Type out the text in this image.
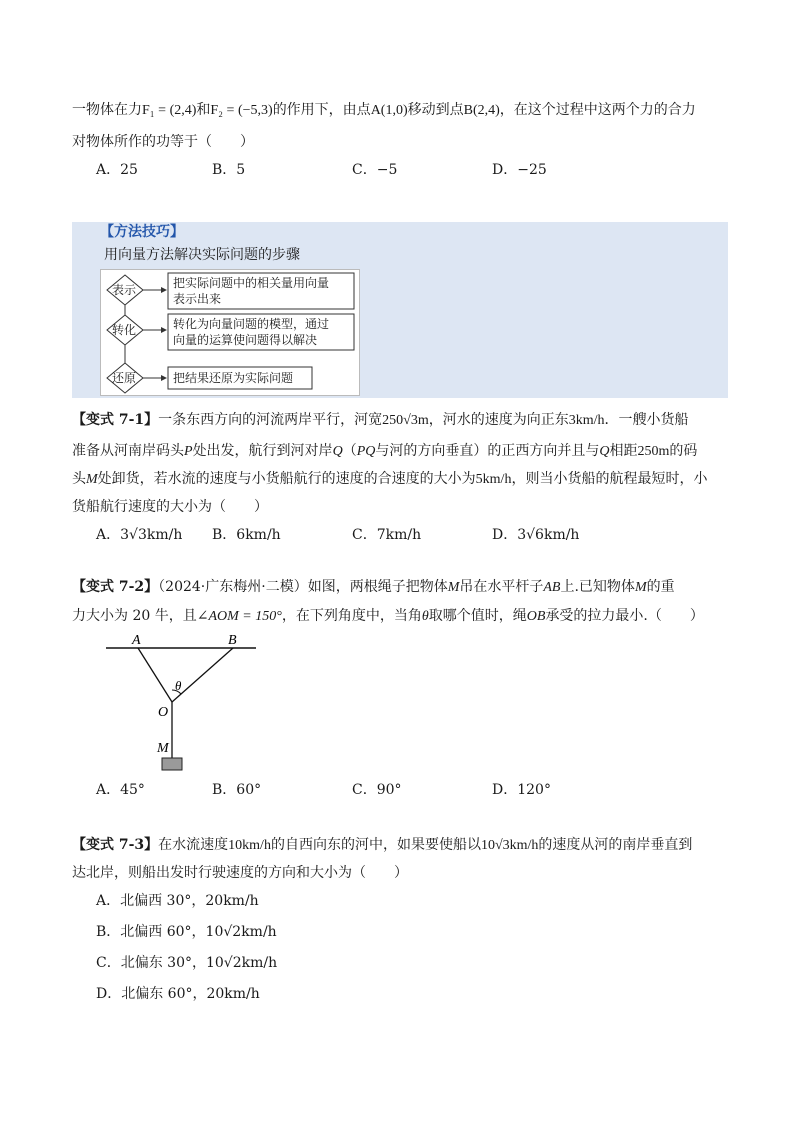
一物体在力F₁ = (2,4)和F₂ = (−5,3)的作用下，由点A(1,0)移动到点B(2,4)，在这个过程中这两个力的合力
对物体所作的功等于（　　）
A．25	B．5	C．−5	D．−25
【方法技巧】
用向量方法解决实际问题的步骤
表示
转化
还原
把实际问题中的相关量用向量
表示出来
转化为向量问题的模型，通过
向量的运算使问题得以解决
把结果还原为实际问题
【变式 7-1】一条东西方向的河流两岸平行，河宽250√3m，河水的速度为向正东3km/h．一艘小货船
准备从河南岸码头P处出发，航行到河对岸Q（PQ与河的方向垂直）的正西方向并且与Q相距250m的码
头M处卸货，若水流的速度与小货船航行的速度的合速度的大小为5km/h，则当小货船的航程最短时，小
货船航行速度的大小为（　　）
A．3√3km/h B．6km/h	C．7km/h	D．3√6km/h
【变式 7-2】（2024·广东梅州·二模）如图，两根绳子把物体M吊在水平杆子AB上.已知物体M的重
力大小为 20 牛，且∠AOM = 150°，在下列角度中，当角θ取哪个值时，绳OB承受的拉力最小.（　　）
A	B
θ
O
M
A．45°	B．60°	C．90°	D．120°
【变式 7-3】在水流速度10km/h的自西向东的河中，如果要使船以10√3km/h的速度从河的南岸垂直到
达北岸，则船出发时行驶速度的方向和大小为（　　）
A．北偏西 30°，20km/h
B．北偏西 60°，10√2km/h
C．北偏东 30°，10√2km/h
D．北偏东 60°，20km/h
